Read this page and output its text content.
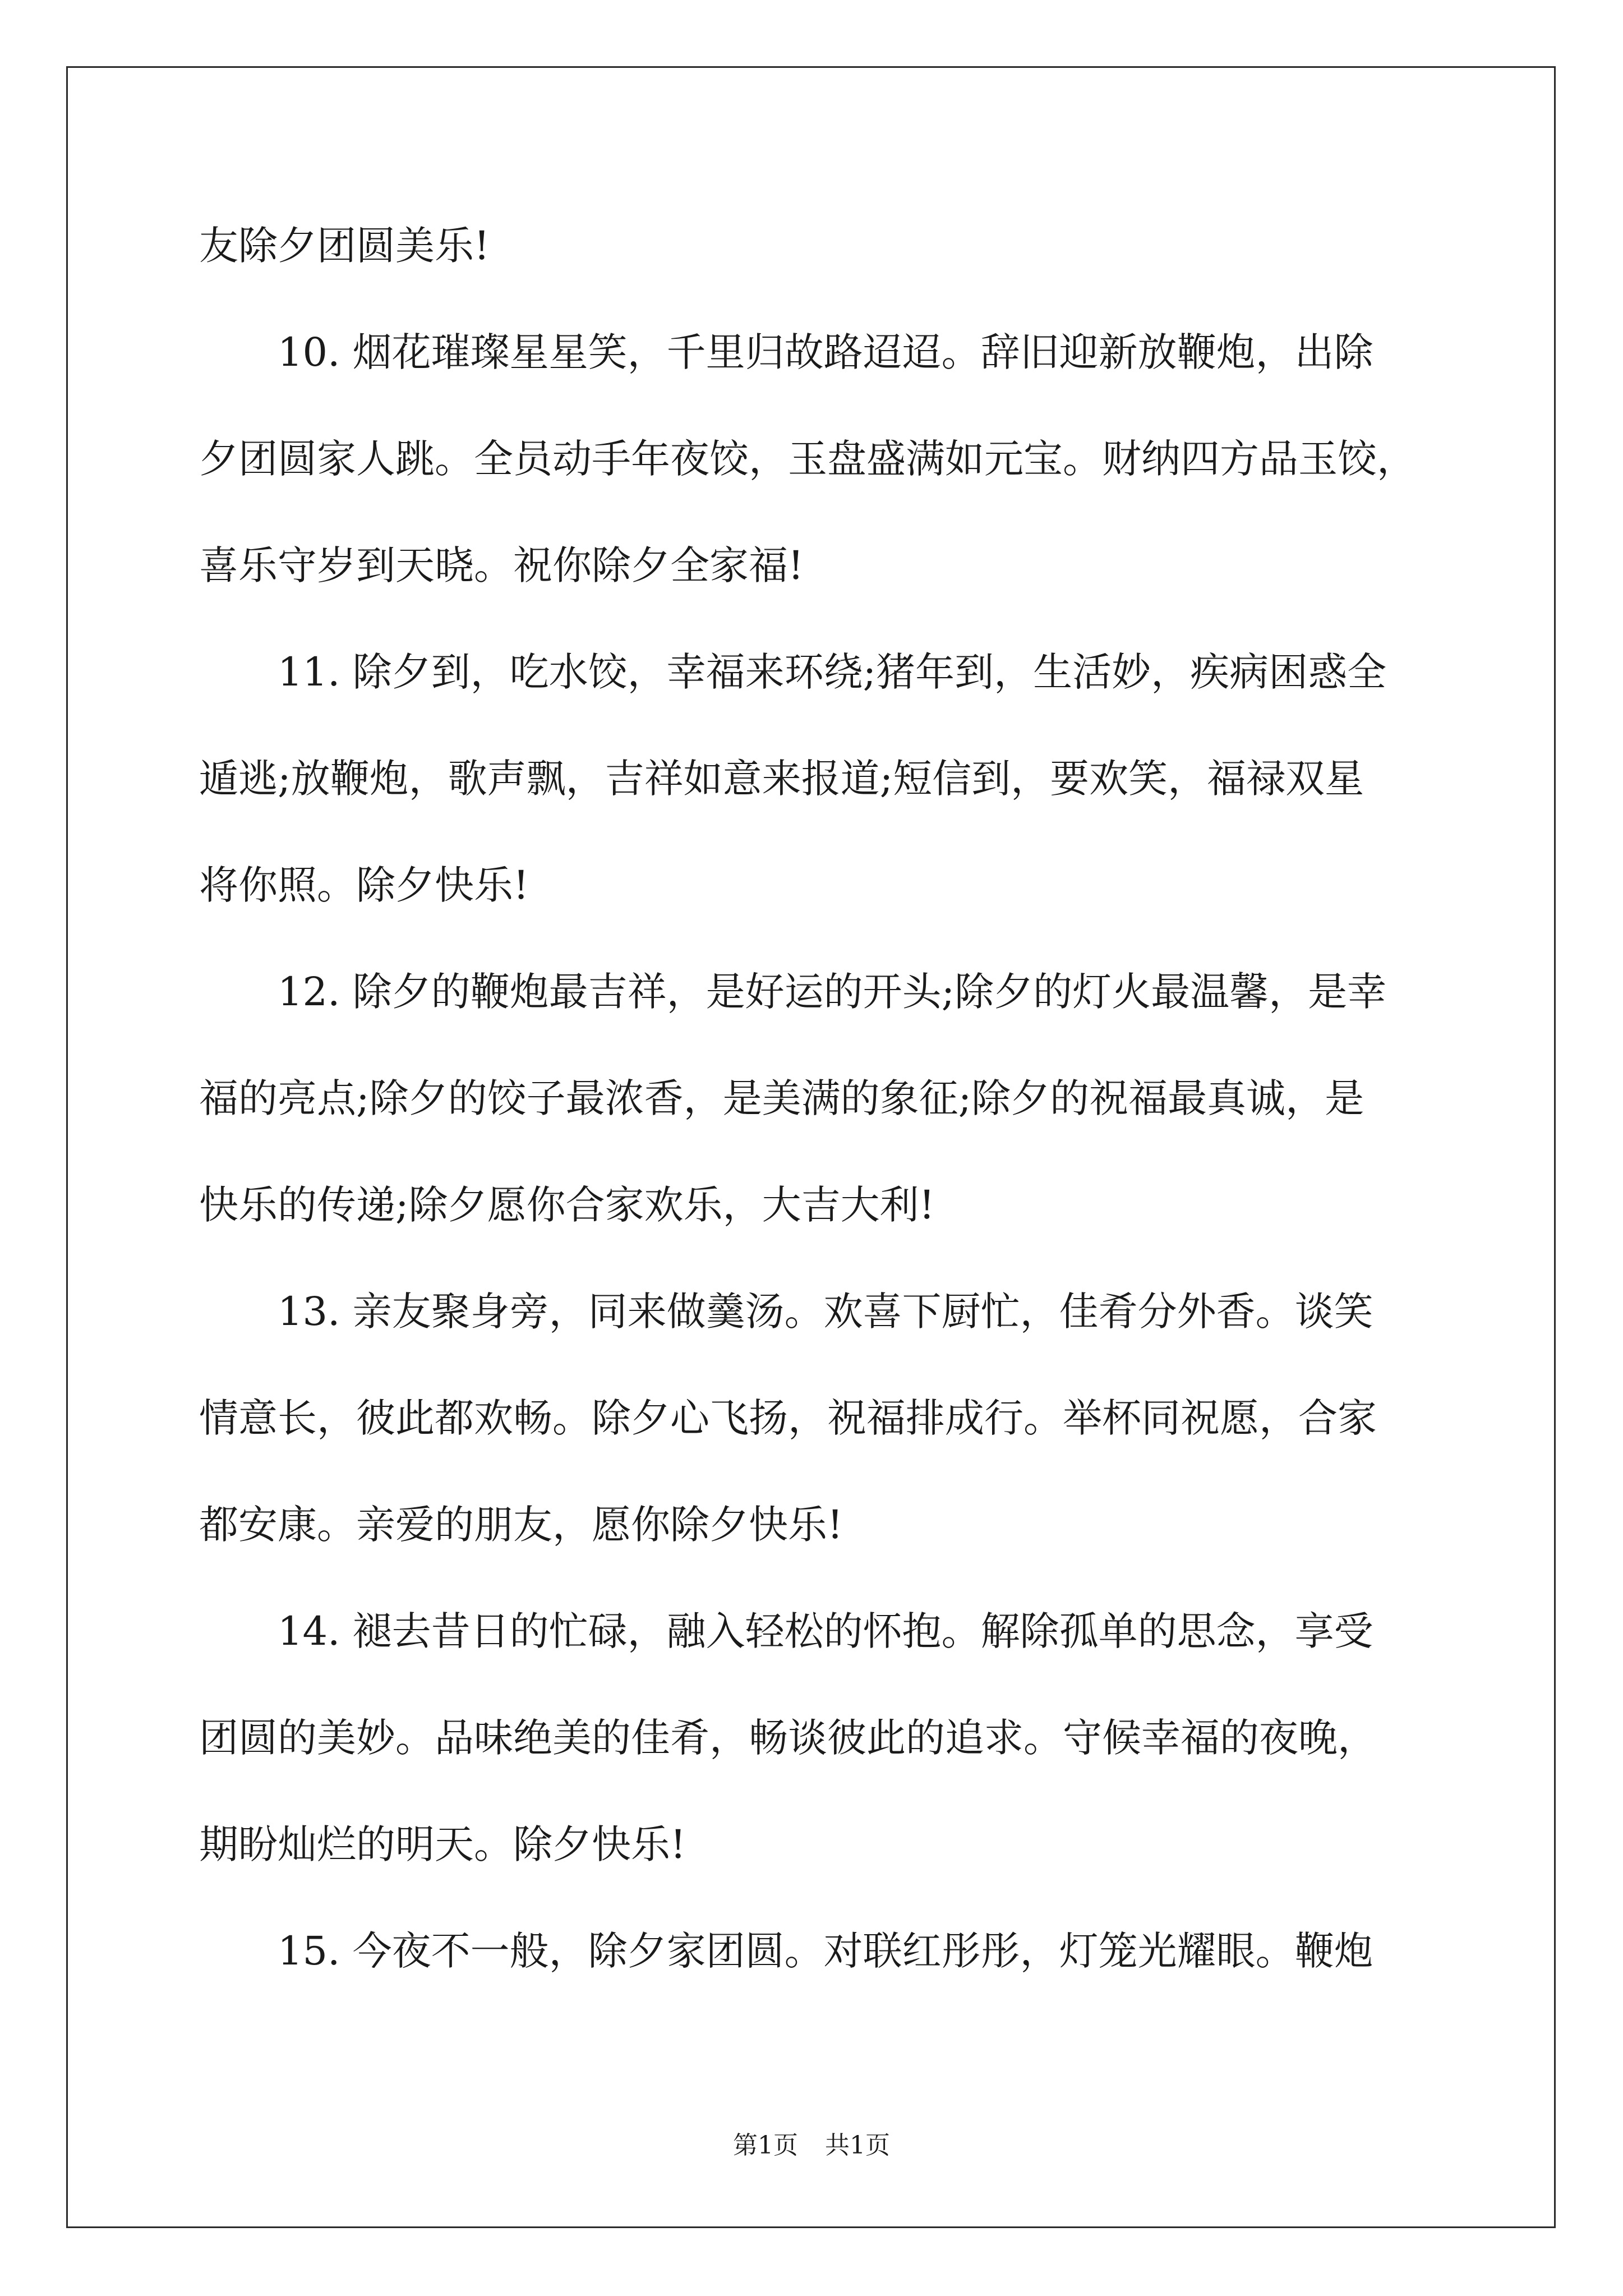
友除夕团圆美乐!
10. 烟花璀璨星星笑，千里归故路迢迢。辞旧迎新放鞭炮，出除
夕团圆家人跳。全员动手年夜饺，玉盘盛满如元宝。财纳四方品玉饺，
喜乐守岁到天晓。祝你除夕全家福!
11. 除夕到，吃水饺，幸福来环绕;猪年到，生活妙，疾病困惑全
遁逃;放鞭炮，歌声飘，吉祥如意来报道;短信到，要欢笑，福禄双星
将你照。除夕快乐!
12. 除夕的鞭炮最吉祥，是好运的开头;除夕的灯火最温馨，是幸
福的亮点;除夕的饺子最浓香，是美满的象征;除夕的祝福最真诚，是
快乐的传递;除夕愿你合家欢乐，大吉大利!
13. 亲友聚身旁，同来做羹汤。欢喜下厨忙，佳肴分外香。谈笑
情意长，彼此都欢畅。除夕心飞扬，祝福排成行。举杯同祝愿，合家
都安康。亲爱的朋友，愿你除夕快乐!
14. 褪去昔日的忙碌，融入轻松的怀抱。解除孤单的思念，享受
团圆的美妙。品味绝美的佳肴，畅谈彼此的追求。守候幸福的夜晚，
期盼灿烂的明天。除夕快乐!
15. 今夜不一般，除夕家团圆。对联红彤彤，灯笼光耀眼。鞭炮
第1页 共1页
